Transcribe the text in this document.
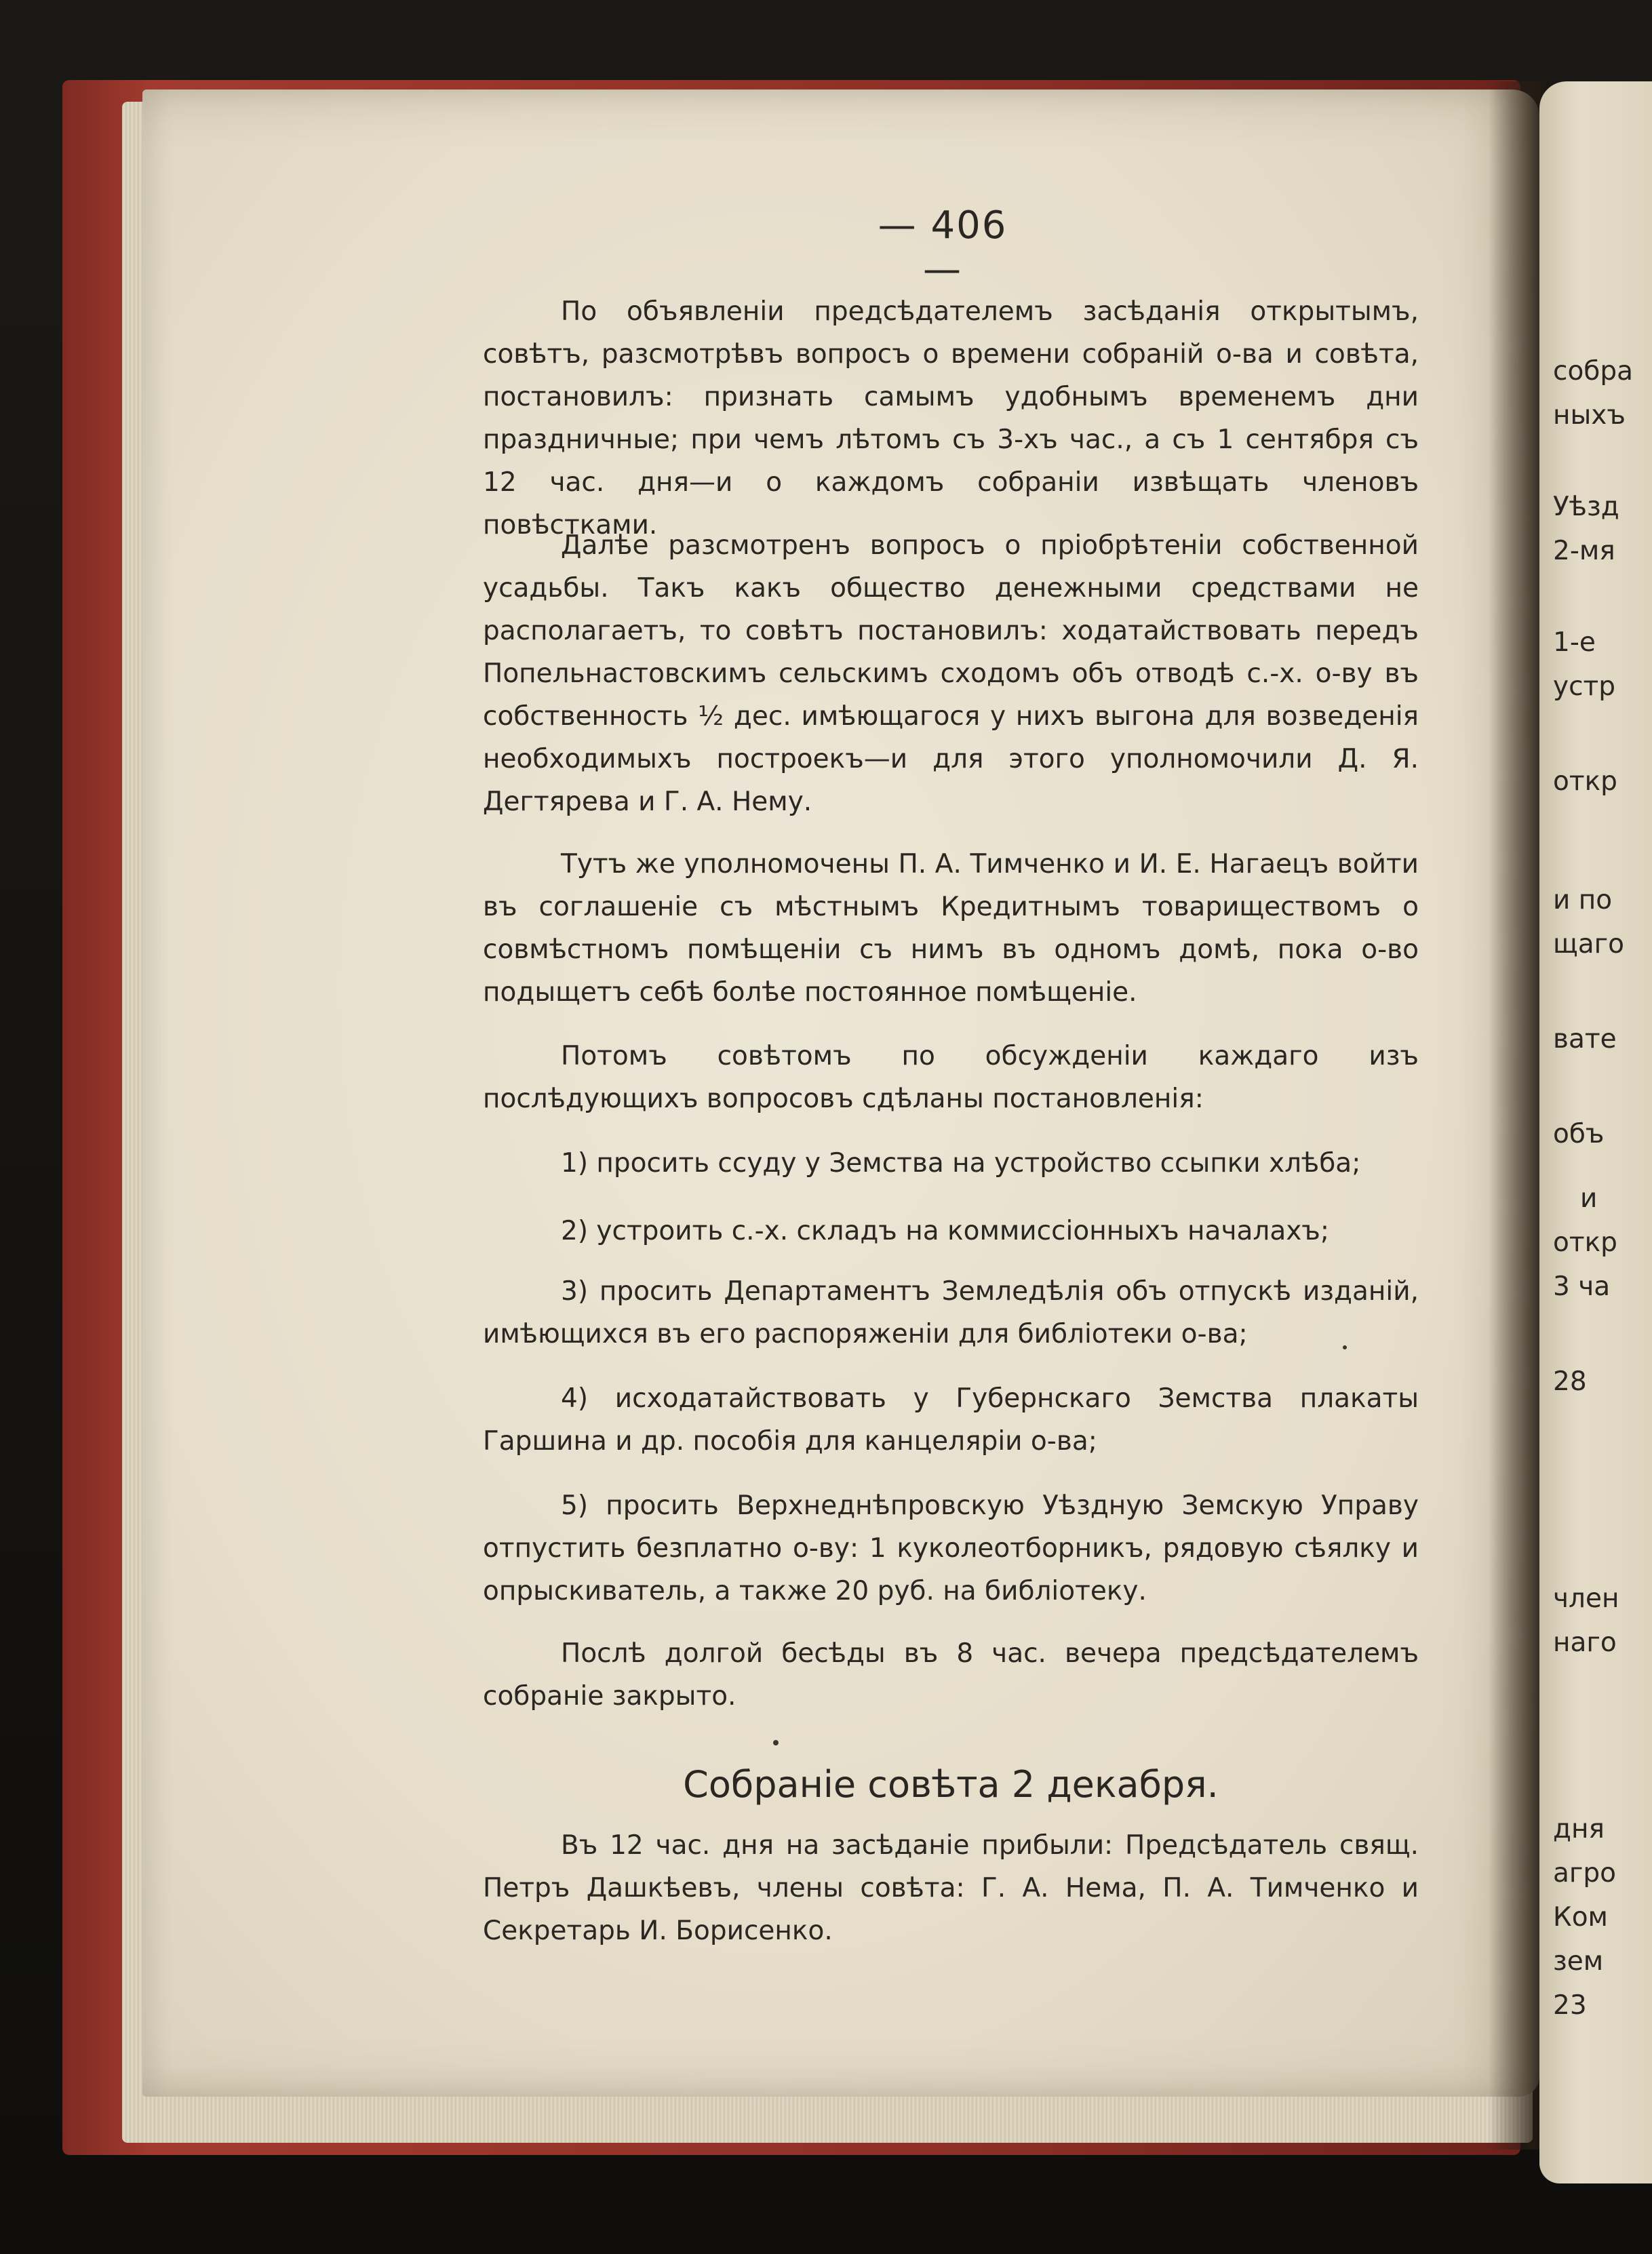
собра
ныхъ
Уѣзд
2-мя
1-е
устр
откр
и по
щаго
вате
объ
и
откр
3 ча
28
член
наго
дня
агро
Ком
зем
23
— 406 —
По объявленіи предсѣдателемъ засѣданія открытымъ, совѣтъ, разсмотрѣвъ вопросъ о времени собраній о-ва и совѣта, постановилъ: признать самымъ удобнымъ временемъ дни праздничные; при чемъ лѣтомъ съ 3-хъ час., а съ 1 сентября съ 12 час. дня—и о каждомъ собраніи извѣщать членовъ повѣстками.
Далѣе разсмотренъ вопросъ о пріобрѣтеніи собственной усадьбы. Такъ какъ общество денежными средствами не располагаетъ, то совѣтъ постановилъ: ходатайствовать передъ Попельнастовскимъ сельскимъ сходомъ объ отводѣ с.-х. о-ву въ собственность ½ дес. имѣющагося у нихъ выгона для возведенія необходимыхъ построекъ—и для этого уполномочили Д. Я. Дегтярева и Г. А. Нему.
Тутъ же уполномочены П. А. Тимченко и И. Е. Нагаецъ войти въ соглашеніе съ мѣстнымъ Кредитнымъ товариществомъ о совмѣстномъ помѣщеніи съ нимъ въ одномъ домѣ, пока о-во подыщетъ себѣ болѣе постоянное помѣщеніе.
Потомъ совѣтомъ по обсужденіи каждаго изъ послѣдующихъ вопросовъ сдѣланы постановленія:
1) просить ссуду у Земства на устройство ссыпки хлѣба;
2) устроить с.-х. складъ на коммиссіонныхъ началахъ;
3) просить Департаментъ Земледѣлія объ отпускѣ изданій, имѣющихся въ его распоряженіи для библіотеки о-ва;
4) исходатайствовать у Губернскаго Земства плакаты Гаршина и др. пособія для канцеляріи о-ва;
5) просить Верхнеднѣпровскую Уѣздную Земскую Управу отпустить безплатно о-ву: 1 куколеотборникъ, рядовую сѣялку и опрыскиватель, а также 20 руб. на библіотеку.
Послѣ долгой бесѣды въ 8 час. вечера предсѣдателемъ собраніе закрыто.
Собраніе совѣта 2 декабря.
Въ 12 час. дня на засѣданіе прибыли: Предсѣдатель свящ. Петръ Дашкѣевъ, члены совѣта: Г. А. Нема, П. А. Тимченко и Секретарь И. Борисенко.
